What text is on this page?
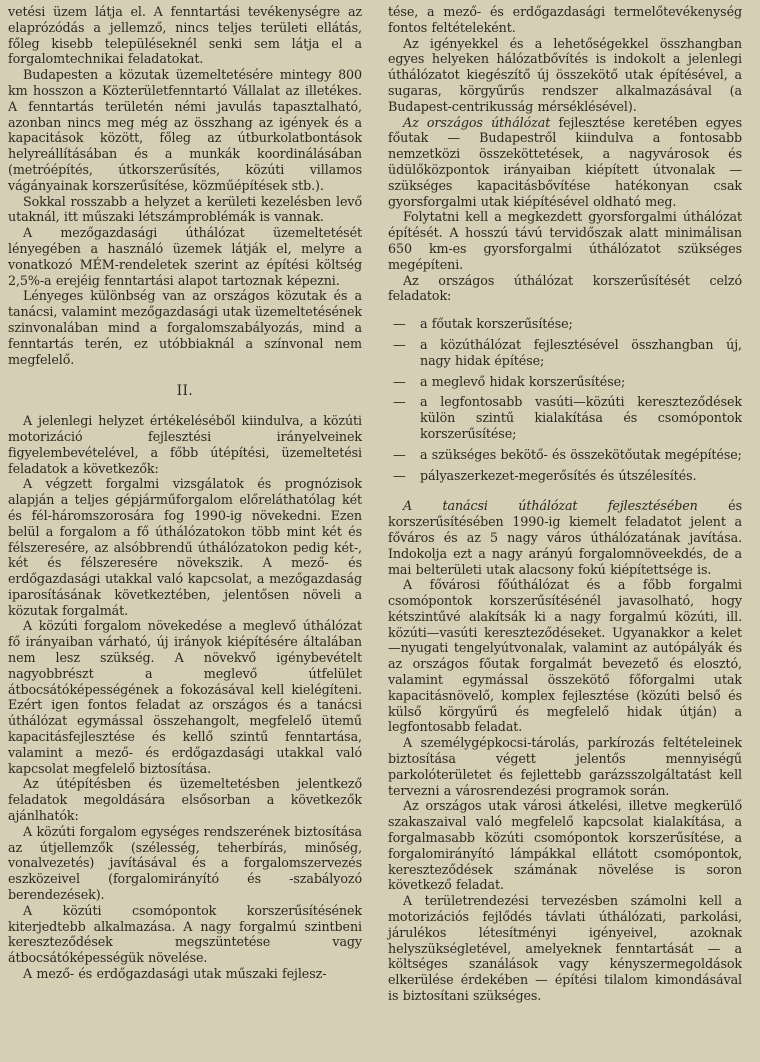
vetési üzem látja el. A fenntartási tevékenységre az elaprózódás a jellemző, nincs teljes területi ellátás, főleg kisebb településeknél senki sem látja el a forgalomtechnikai feladatokat.

Budapesten a közutak üzemeltetésére mintegy 800 km hosszon a Közterületfenntartó Vállalat az illetékes. A fenntartás területén némi javulás tapasztalható, azonban nincs meg még az összhang az igények és a kapacitások között, főleg az útburkolatbontások helyreállításában és a munkák koordinálásában (metróépítés, útkorszerűsítés, közúti villamos vágányainak korszerűsítése, közműépítések stb.).

Sokkal rosszabb a helyzet a kerületi kezelésben levő utaknál, itt műszaki létszámproblémák is vannak.

A mezőgazdasági úthálózat üzemeltetését lényegében a használó üzemek látják el, melyre a vonatkozó MÉM-rendeletek szerint az építési költség 2,5%-a erejéig fenntartási alapot tartoznak képezni.

Lényeges különbség van az országos közutak és a tanácsi, valamint mezőgazdasági utak üzemeltetésének szinvonalában mind a forgalomszabályozás, mind a fenntartás terén, ez utóbbiaknál a színvonal nem megfelelő.

II.

A jelenlegi helyzet értékeléséből kiindulva, a közúti motorizáció fejlesztési irányelveinek figyelembevételével, a főbb útépítési, üzemeltetési feladatok a következők:

A végzett forgalmi vizsgálatok és prognózisok alapján a teljes gépjárműforgalom előreláthatólag két és fél-háromszorosára fog 1990-ig növekedni. Ezen belül a forgalom a fő úthálózatokon több mint két és félszeresére, az alsóbbrendű úthálózatokon pedig két-, két és félszeresére növekszik. A mező- és erdőgazdasági utakkal való kapcsolat, a mezőgazdaság iparosításának következtében, jelentősen növeli a közutak forgalmát.

A közúti forgalom növekedése a meglevő úthálózat fő irányaiban várható, új irányok kiépítésére általában nem lesz szükség. A növekvő igénybevételt nagyobbrészt a meglevő útfelület átbocsátóképességének a fokozásával kell kielégíteni. Ezért igen fontos feladat az országos és a tanácsi úthálózat egymással összehangolt, megfelelő ütemű kapacitásfejlesztése és kellő szintű fenntartása, valamint a mező- és erdőgazdasági utakkal való kapcsolat megfelelő biztosítása.

Az útépítésben és üzemeltetésben jelentkező feladatok megoldására elsősorban a következők ajánlhatók:

A közúti forgalom egységes rendszerének biztosítása az útjellemzők (szélesség, teherbírás, minőség, vonalvezetés) javításával és a forgalomszervezés eszközeivel (forgalomirányító és -szabályozó berendezések).

A közúti csomópontok korszerűsítésének kiterjedtebb alkalmazása. A nagy forgalmú szintbeni kereszteződések megszüntetése vagy átbocsátóképességük növelése.

A mező- és erdőgazdasági utak műszaki fejlesz-

tése, a mező- és erdőgazdasági termelőtevékenység fontos feltételeként.

Az igényekkel és a lehetőségekkel összhangban egyes helyeken hálózatbővítés is indokolt a jelenlegi úthálózatot kiegészítő új összekötő utak építésével, a sugaras, körgyűrűs rendszer alkalmazásával (a Budapest-centrikusság mérséklésével).

Az országos úthálózat fejlesztése keretében egyes főutak — Budapestről kiindulva a fontosabb nemzetközi összeköttetések, a nagyvárosok és üdülőközpontok irányaiban kiépített útvonalak — szükséges kapacitásbővítése hatékonyan csak gyorsforgalmi utak kiépítésével oldható meg.

Folytatni kell a megkezdett gyorsforgalmi úthálózat építését. A hosszú távú tervidőszak alatt minimálisan 650 km-es gyorsforgalmi úthálózatot szükséges megépíteni.

Az országos úthálózat korszerűsítését celzó feladatok:

— a főutak korszerűsítése;
— a közúthálózat fejlesztésével összhangban új, nagy hidak építése;
— a meglevő hidak korszerűsítése;
— a legfontosabb vasúti—közúti kereszteződések külön szintű kialakítása és csomópontok korszerűsítése;
— a szükséges bekötő- és összekötőutak megépítése;
— pályaszerkezet-megerősítés és útszélesítés.

A tanácsi úthálózat fejlesztésében és korszerűsítésében 1990-ig kiemelt feladatot jelent a főváros és az 5 nagy város úthálózatának javítása. Indokolja ezt a nagy arányú forgalomnöveekdés, de a mai belterületi utak alacsony fokú kiépítettsége is.

A fővárosi főúthálózat és a főbb forgalmi csomópontok korszerűsítésénél javasolható, hogy kétszintűvé alakítsák ki a nagy forgalmú közúti, ill. közúti—vasúti kereszteződéseket. Ugyanakkor a kelet—nyugati tengelyútvonalak, valamint az autópályák és az országos főutak forgalmát bevezető és elosztó, valamint egymással összekötő főforgalmi utak kapacitásnövelő, komplex fejlesztése (közúti belső és külső körgyűrű és megfelelő hidak útján) a legfontosabb feladat.

A személygépkocsi-tárolás, parkírozás feltételeinek biztosítása végett jelentős mennyiségű parkolóterületet és fejlettebb garázsszolgáltatást kell tervezni a városrendezési programok során.

Az országos utak városi átkelési, illetve megkerülő szakaszaival való megfelelő kapcsolat kialakítása, a forgalmasabb közúti csomópontok korszerűsítése, a forgalomirányító lámpákkal ellátott csomópontok, kereszteződések számának növelése is soron következő feladat.

A területrendezési tervezésben számolni kell a motorizációs fejlődés távlati úthálózati, parkolási, járulékos létesítményi igényeivel, azoknak helyszükségletével, amelyeknek fenntartását — a költséges szanálások vagy kényszermegoldások elkerülése érdekében — építési tilalom kimondásával is biztosítani szükséges.
